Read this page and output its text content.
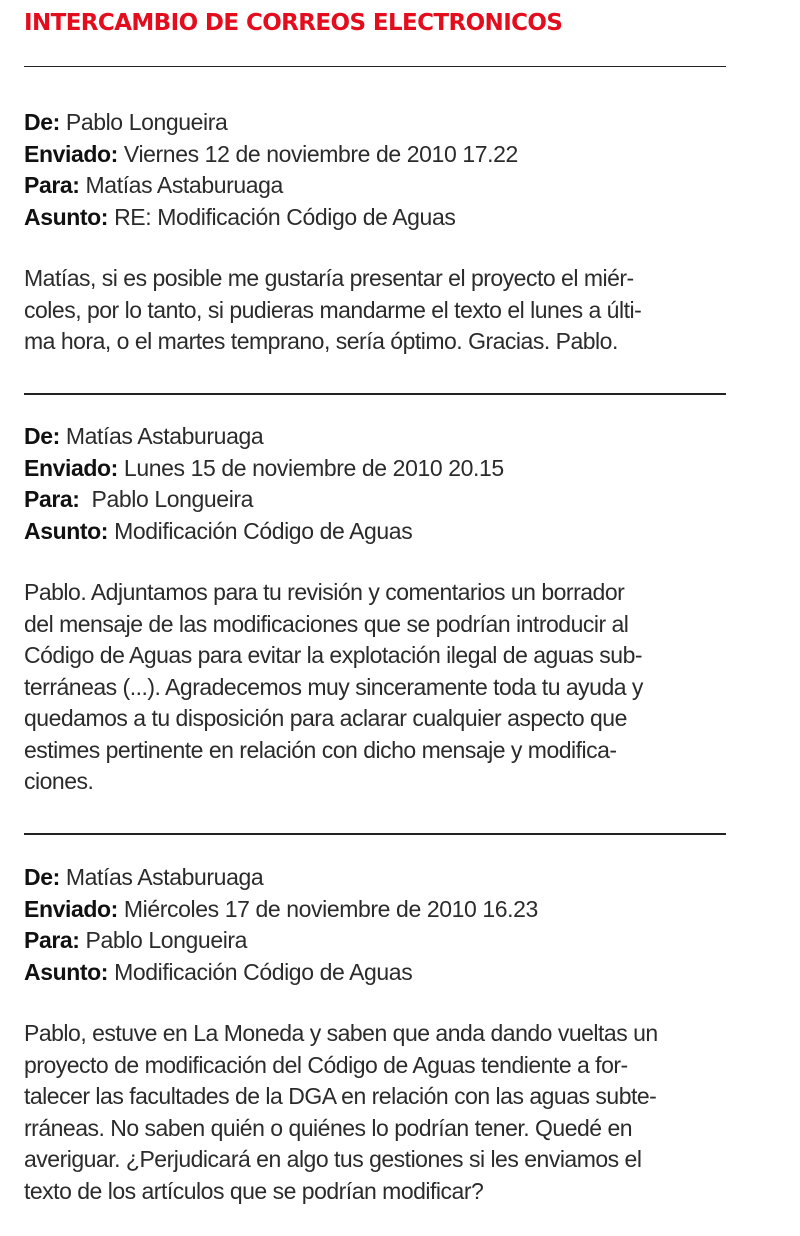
INTERCAMBIO DE CORREOS ELECTRONICOS
De: Pablo Longueira
Enviado: Viernes 12 de noviembre de 2010 17.22
Para: Matías Astaburuaga
Asunto: RE: Modificación Código de Aguas
Matías, si es posible me gustaría presentar el proyecto el miér-
coles, por lo tanto, si pudieras mandarme el texto el lunes a últi-
ma hora, o el martes temprano, sería óptimo. Gracias. Pablo.
De: Matías Astaburuaga
Enviado: Lunes 15 de noviembre de 2010 20.15
Para:  Pablo Longueira
Asunto: Modificación Código de Aguas
Pablo. Adjuntamos para tu revisión y comentarios un borrador
del mensaje de las modificaciones que se podrían introducir al
Código de Aguas para evitar la explotación ilegal de aguas sub-
terráneas (...). Agradecemos muy sinceramente toda tu ayuda y
quedamos a tu disposición para aclarar cualquier aspecto que
estimes pertinente en relación con dicho mensaje y modifica-
ciones.
De: Matías Astaburuaga
Enviado: Miércoles 17 de noviembre de 2010 16.23
Para: Pablo Longueira
Asunto: Modificación Código de Aguas
Pablo, estuve en La Moneda y saben que anda dando vueltas un
proyecto de modificación del Código de Aguas tendiente a for-
talecer las facultades de la DGA en relación con las aguas subte-
rráneas. No saben quién o quiénes lo podrían tener. Quedé en
averiguar. ¿Perjudicará en algo tus gestiones si les enviamos el
texto de los artículos que se podrían modificar?
